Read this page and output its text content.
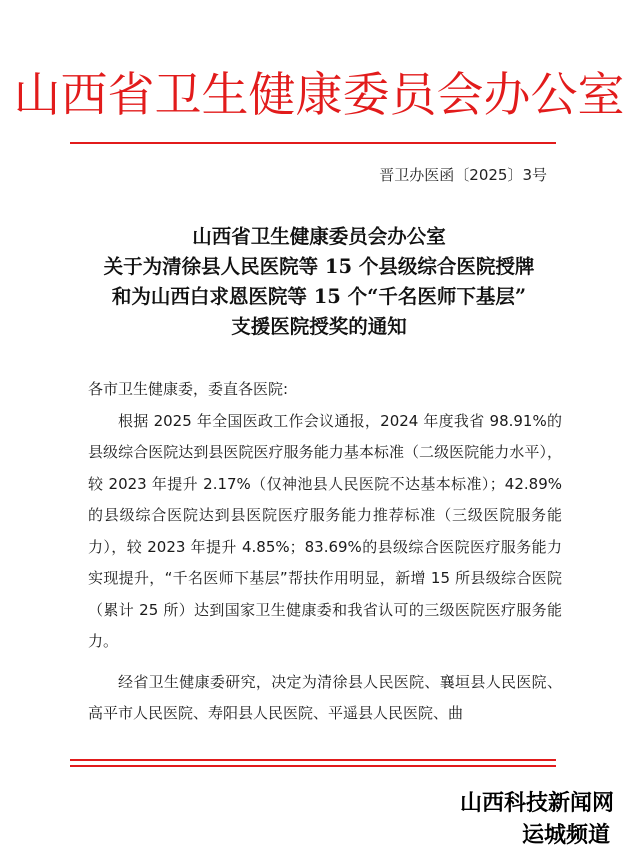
山西省卫生健康委员会办公室
晋卫办医函〔2025〕3号
山西省卫生健康委员会办公室
关于为清徐县人民医院等 15 个县级综合医院授牌
和为山西白求恩医院等 15 个“千名医师下基层”
支援医院授奖的通知

各市卫生健康委，委直各医院:

根据 2025 年全国医政工作会议通报，2024 年度我省 98.91%的县级综合医院达到县医院医疗服务能力基本标准（二级医院能力水平），较 2023 年提升 2.17%（仅神池县人民医院不达基本标准）；42.89%的县级综合医院达到县医院医疗服务能力推荐标准（三级医院服务能力），较 2023 年提升 4.85%；83.69%的县级综合医院医疗服务能力实现提升，“千名医师下基层”帮扶作用明显，新增 15 所县级综合医院（累计 25 所）达到国家卫生健康委和我省认可的三级医院医疗服务能力。

经省卫生健康委研究，决定为清徐县人民医院、襄垣县人民医院、高平市人民医院、寿阳县人民医院、平遥县人民医院、曲

山西科技新闻网
运城频道
